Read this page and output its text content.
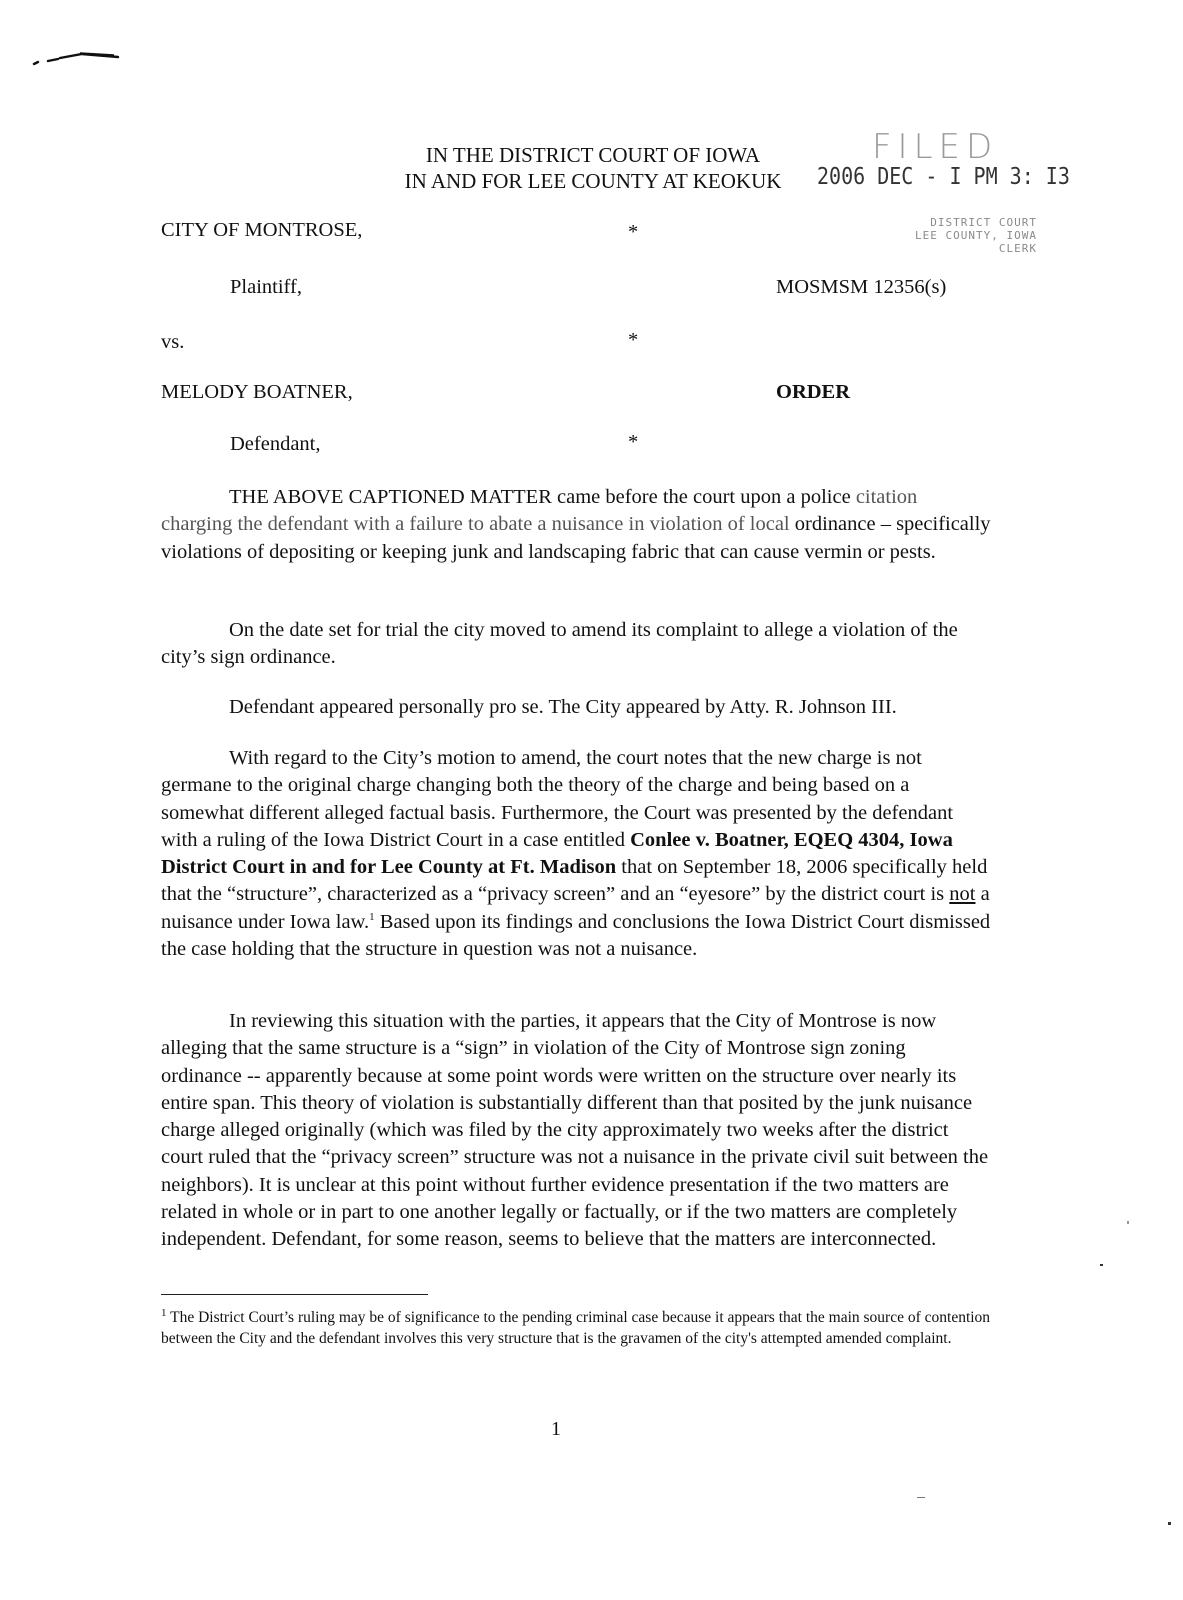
FILED
IN THE DISTRICT COURT OF IOWA
IN AND FOR LEE COUNTY AT KEOKUK	2006 DEC - I PM 3: I3
DISTRICT COURT
LEE COUNTY, IOWA
CLERK
CITY OF MONTROSE,	*
Plaintiff,	MOSMSM 12356(s)
vs.	*
MELODY BOATNER,	ORDER
Defendant,	*
THE ABOVE CAPTIONED MATTER came before the court upon a police citation charging the defendant with a failure to abate a nuisance in violation of local ordinance – specifically violations of depositing or keeping junk and landscaping fabric that can cause vermin or pests.
On the date set for trial the city moved to amend its complaint to allege a violation of the city’s sign ordinance.
Defendant appeared personally pro se. The City appeared by Atty. R. Johnson III.
With regard to the City’s motion to amend, the court notes that the new charge is not germane to the original charge changing both the theory of the charge and being based on a somewhat different alleged factual basis. Furthermore, the Court was presented by the defendant with a ruling of the Iowa District Court in a case entitled Conlee v. Boatner, EQEQ 4304, Iowa District Court in and for Lee County at Ft. Madison that on September 18, 2006 specifically held that the “structure”, characterized as a “privacy screen” and an “eyesore” by the district court is not a nuisance under Iowa law.$^1$ Based upon its findings and conclusions the Iowa District Court dismissed the case holding that the structure in question was not a nuisance.
In reviewing this situation with the parties, it appears that the City of Montrose is now alleging that the same structure is a “sign” in violation of the City of Montrose sign zoning ordinance -- apparently because at some point words were written on the structure over nearly its entire span. This theory of violation is substantially different than that posited by the junk nuisance charge alleged originally (which was filed by the city approximately two weeks after the district court ruled that the “privacy screen” structure was not a nuisance in the private civil suit between the neighbors). It is unclear at this point without further evidence presentation if the two matters are related in whole or in part to one another legally or factually, or if the two matters are completely independent. Defendant, for some reason, seems to believe that the matters are interconnected.
$^1$ The District Court’s ruling may be of significance to the pending criminal case because it appears that the main source of contention between the City and the defendant involves this very structure that is the gravamen of the city's attempted amended complaint.
1
